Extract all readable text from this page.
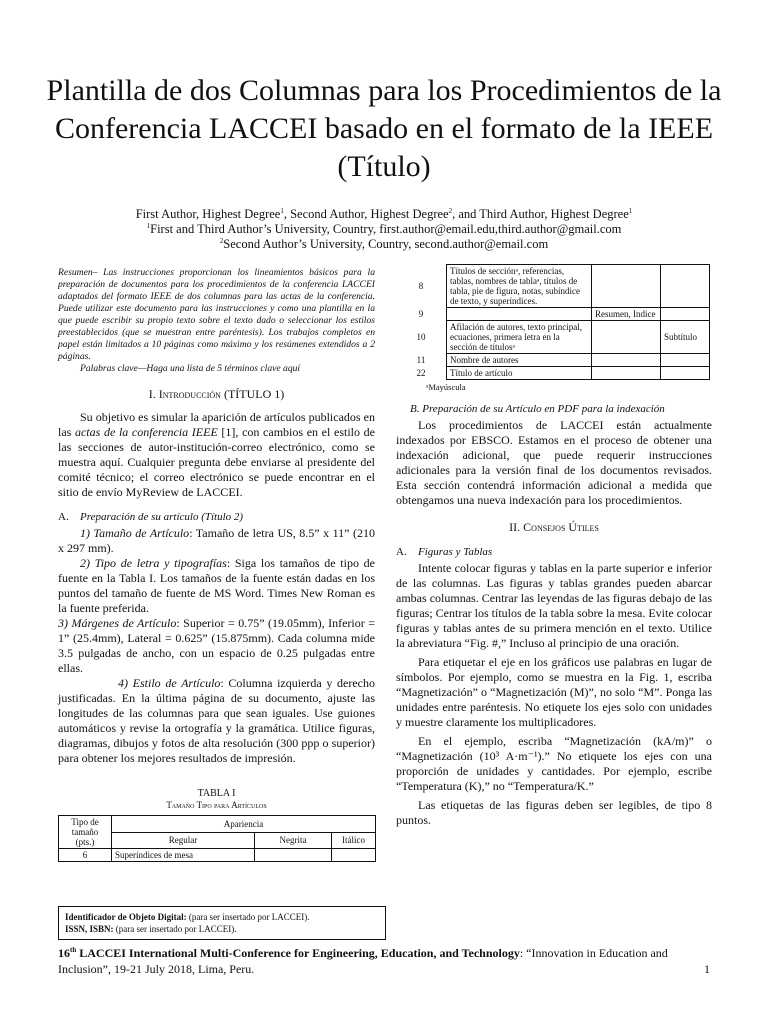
Plantilla de dos Columnas para los Procedimientos de la Conferencia LACCEI basado en el formato de la IEEE (Título)
First Author, Highest Degree$^1$, Second Author, Highest Degree$^2$, and Third Author, Highest Degree$^1$
$^1$First and Third Author’s University, Country, first.author@email.edu,third.author@gmail.com
$^2$Second Author’s University, Country, second.author@email.com

Resumen– Las instrucciones proporcionan los lineamientos básicos para la preparación de documentos para los procedimientos de la conferencia LACCEI adaptados del formato IEEE de dos columnas para las actas de la conferencia. Puede utilizar este documento para las instrucciones y como una plantilla en la que puede escribir su propio texto sobre el texto dado o seleccionar los estilos preestablecidos (que se muestran entre paréntesis). Los trabajos completos en papel están limitados a 10 páginas como máximo y los resúmenes extendidos a 2 páginas.

Palabras clave—Haga una lista de 5 términos clave aquí

I. Introducción (TÍTULO 1)

Su objetivo es simular la aparición de artículos publicados en las actas de la conferencia IEEE [1], con cambios en el estilo de las secciones de autor-institución-correo electrónico, como se muestra aquí. Cualquier pregunta debe enviarse al presidente del comité técnico; el correo electrónico se puede encontrar en el sitio de envío MyReview de LACCEI.

A. Preparación de su artículo (Título 2)

1) Tamaño de Artículo: Tamaño de letra US, 8.5” x 11” (210 x 297 mm).

2) Tipo de letra y tipografías: Siga los tamaños de tipo de fuente en la Tabla I. Los tamaños de la fuente están dadas en los puntos del tamaño de fuente de MS Word. Times New Roman es la fuente preferida.

3) Márgenes de Artículo: Superior = 0.75” (19.05mm), Inferior = 1” (25.4mm), Lateral = 0.625” (15.875mm). Cada columna mide 3.5 pulgadas de ancho, con un espacio de 0.25 pulgadas entre ellas.

4) Estilo de Artículo: Columna izquierda y derecho justificadas. En la última página de su documento, ajuste las longitudes de las columnas para que sean iguales. Use guiones automáticos y revise la ortografía y la gramática. Utilice figuras, diagramas, dibujos y fotos de alta resolución (300 ppp o superior) para obtener los mejores resultados de impresión.

TABLA I
Tamaño Tipo para Artículos
Tipo de tamaño (pts.)	Apariencia		
	Regular	Negrita	Itálico
6	Superíndices de mesa		
Identificador de Objeto Digital: (para ser insertado por LACCEI).
ISSN, ISBN: (para ser insertado por LACCEI).
8	Títulos de secciónᵃ, referencias, tablas, nombres de tablaᵃ, títulos de tabla, pie de figura, notas, subíndice de texto, y superíndices.		
9		Resumen, Indice	
10	Afilación de autores, texto principal, ecuaciones, primera letra en la sección de títulosᵃ		Subtítulo
11	Nombre de autores		
22	Título de artículo		
ᵃMayúscula
B. Preparación de su Artículo en PDF para la indexación

Los procedimientos de LACCEI están actualmente indexados por EBSCO. Estamos en el proceso de obtener una indexación adicional, que puede requerir instrucciones adicionales para la versión final de los documentos revisados. Esta sección contendrá información adicional a medida que obtengamos una nueva indexación para los procedimientos.

II. Consejos Útiles
A. Figuras y Tablas

Intente colocar figuras y tablas en la parte superior e inferior de las columnas. Las figuras y tablas grandes pueden abarcar ambas columnas. Centrar las leyendas de las figuras debajo de las figuras; Centrar los títulos de la tabla sobre la mesa. Evite colocar figuras y tablas antes de su primera mención en el texto. Utilice la abreviatura “Fig. #,” Incluso al principio de una oración.

Para etiquetar el eje en los gráficos use palabras en lugar de símbolos. Por ejemplo, como se muestra en la Fig. 1, escriba “Magnetización” o “Magnetización (M)”, no solo “M”. Ponga las unidades entre paréntesis. No etiquete los ejes solo con unidades y muestre claramente los multiplicadores.

En el ejemplo, escriba “Magnetización (kA/m)” o “Magnetización (10³ A·m⁻¹).” No etiquete los ejes con una proporción de unidades y cantidades. Por ejemplo, escribe “Temperatura (K),” no “Temperatura/K.”

Las etiquetas de las figuras deben ser legibles, de tipo 8 puntos.

16th LACCEI International Multi-Conference for Engineering, Education, and Technology: “Innovation in Education and Inclusion”, 19-21 July 2018, Lima, Peru.	1
